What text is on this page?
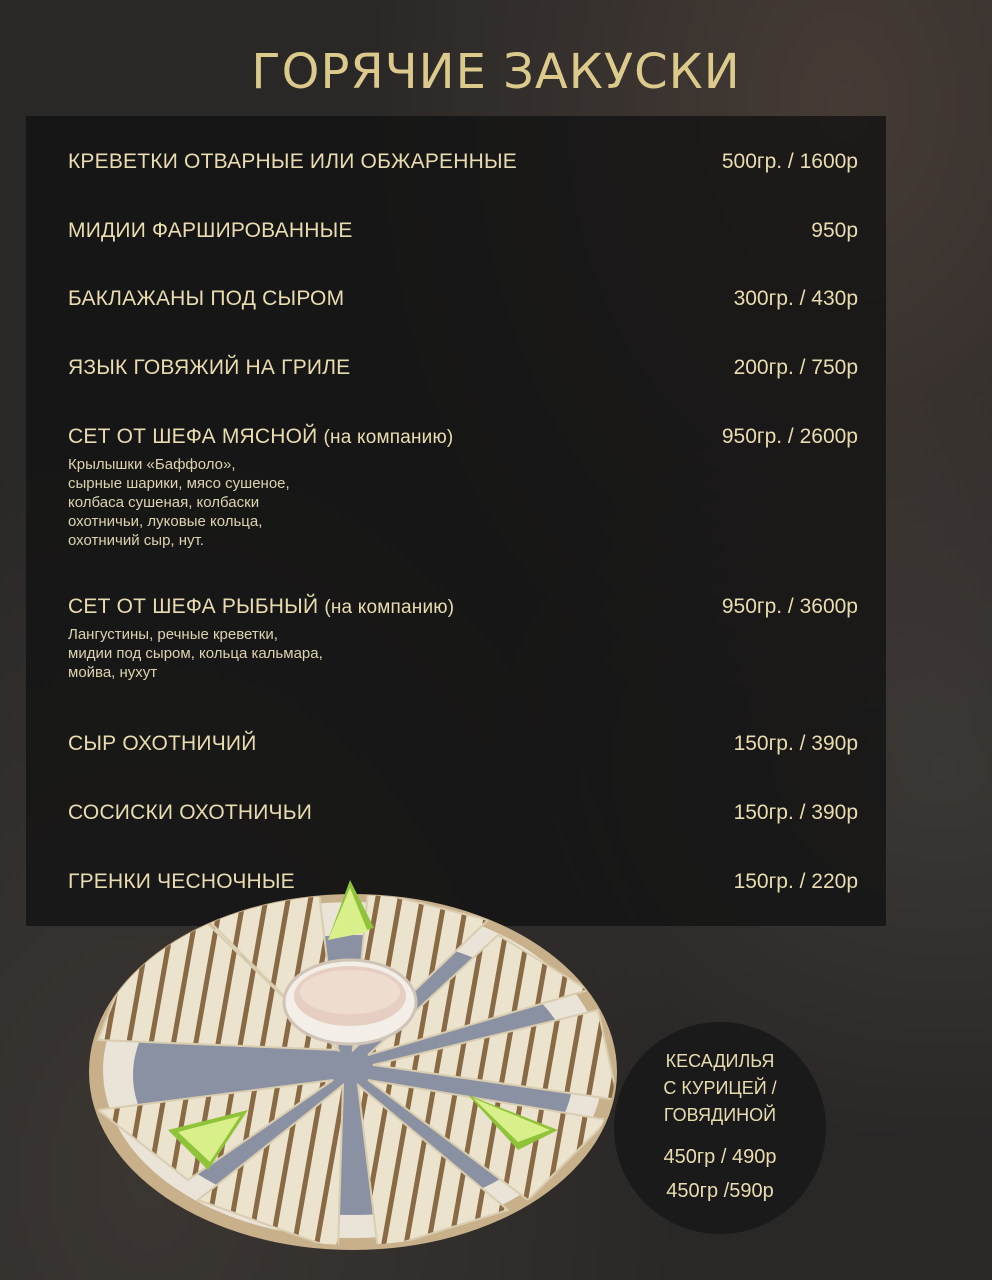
ГОРЯЧИЕ ЗАКУСКИ
КРЕВЕТКИ ОТВАРНЫЕ ИЛИ ОБЖАРЕННЫЕ	500гр. / 1600р
МИДИИ ФАРШИРОВАННЫЕ	950р
БАКЛАЖАНЫ ПОД СЫРОМ	300гр. / 430р
ЯЗЫК ГОВЯЖИЙ НА ГРИЛЕ	200гр. / 750р
СЕТ ОТ ШЕФА МЯСНОЙ (на компанию)	950гр. / 2600р
Крылышки «Баффоло»,
сырные шарики, мясо сушеное,
колбаса сушеная, колбаски
охотничьи, луковые кольца,
охотничий сыр, нут.
СЕТ ОТ ШЕФА РЫБНЫЙ (на компанию)	950гр. / 3600р
Лангустины, речные креветки,
мидии под сыром, кольца кальмара,
мойва, нухут
СЫР ОХОТНИЧИЙ	150гр. / 390р
СОСИСКИ ОХОТНИЧЬИ	150гр. / 390р
ГРЕНКИ ЧЕСНОЧНЫЕ	150гр. / 220р
КЕСАДИЛЬЯ
С КУРИЦЕЙ /
ГОВЯДИНОЙ
450гр / 490р
450гр /590р
